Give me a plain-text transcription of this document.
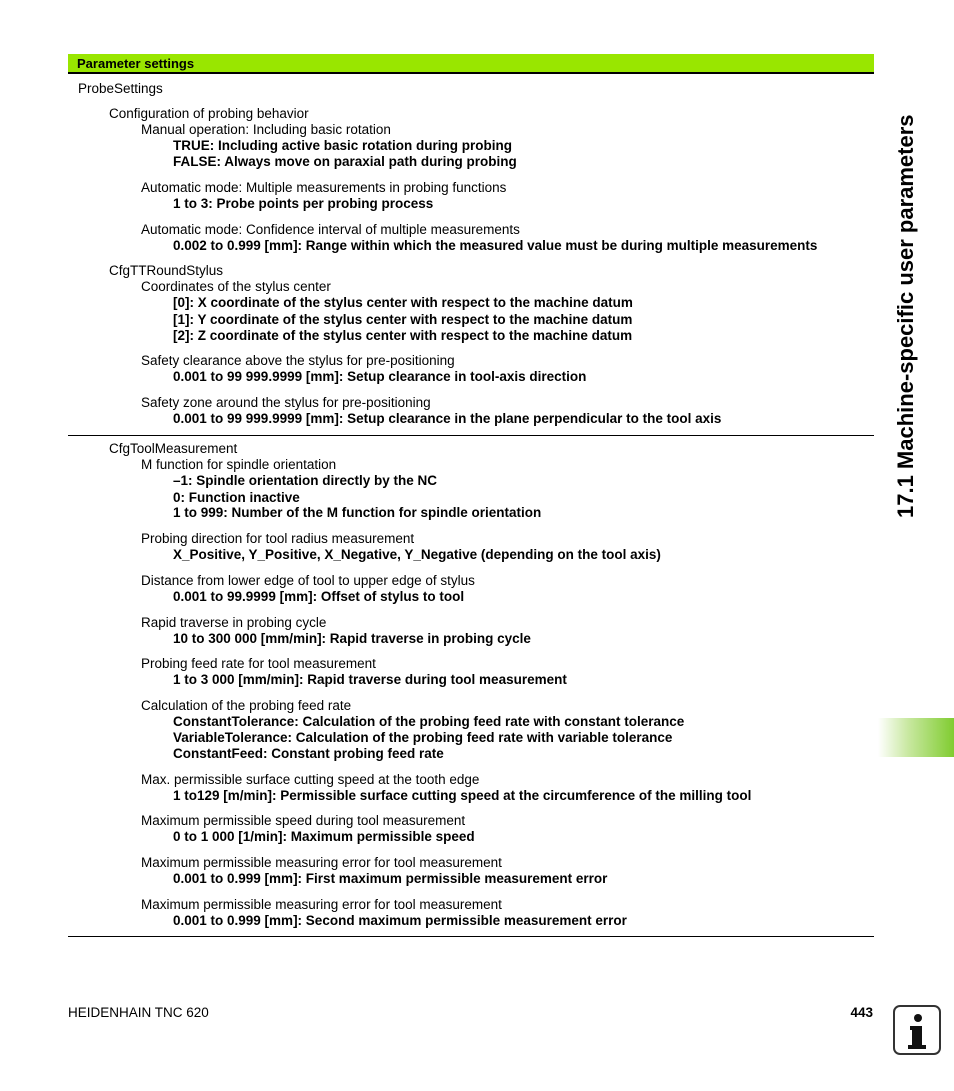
Parameter settings
ProbeSettings
Configuration of probing behavior
Manual operation: Including basic rotation
TRUE: Including active basic rotation during probing
FALSE: Always move on paraxial path during probing
Automatic mode: Multiple measurements in probing functions
1 to 3: Probe points per probing process
Automatic mode: Confidence interval of multiple measurements
0.002 to 0.999 [mm]: Range within which the measured value must be during multiple measurements
CfgTTRoundStylus
Coordinates of the stylus center
[0]: X coordinate of the stylus center with respect to the machine datum
[1]: Y coordinate of the stylus center with respect to the machine datum
[2]: Z coordinate of the stylus center with respect to the machine datum
Safety clearance above the stylus for pre-positioning
0.001 to 99 999.9999 [mm]: Setup clearance in tool-axis direction
Safety zone around the stylus for pre-positioning
0.001 to 99 999.9999 [mm]: Setup clearance in the plane perpendicular to the tool axis
CfgToolMeasurement
M function for spindle orientation
–1: Spindle orientation directly by the NC
0: Function inactive
1 to 999: Number of the M function for spindle orientation
Probing direction for tool radius measurement
X_Positive, Y_Positive, X_Negative, Y_Negative (depending on the tool axis)
Distance from lower edge of tool to upper edge of stylus
0.001 to 99.9999 [mm]: Offset of stylus to tool
Rapid traverse in probing cycle
10 to 300 000 [mm/min]: Rapid traverse in probing cycle
Probing feed rate for tool measurement
1 to 3 000 [mm/min]: Rapid traverse during tool measurement
Calculation of the probing feed rate
ConstantTolerance: Calculation of the probing feed rate with constant tolerance
VariableTolerance: Calculation of the probing feed rate with variable tolerance
ConstantFeed: Constant probing feed rate
Max. permissible surface cutting speed at the tooth edge
1 to129 [m/min]: Permissible surface cutting speed at the circumference of the milling tool
Maximum permissible speed during tool measurement
0 to 1 000 [1/min]: Maximum permissible speed
Maximum permissible measuring error for tool measurement
0.001 to 0.999 [mm]: First maximum permissible measurement error
Maximum permissible measuring error for tool measurement
0.001 to 0.999 [mm]: Second maximum permissible measurement error
17.1 Machine-specific user parameters
HEIDENHAIN TNC 620	443
